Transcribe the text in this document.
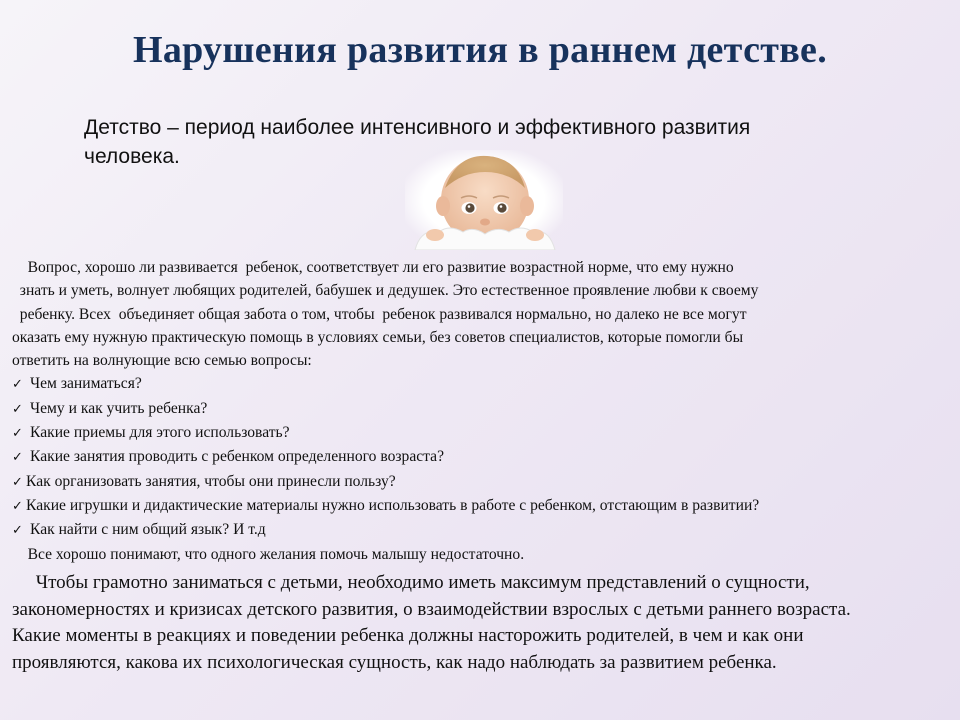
Нарушения развития в раннем детстве.
Детство – период наиболее интенсивного и эффективного развития
человека.

Вопрос, хорошо ли развивается  ребенок, соответствует ли его развитие возрастной норме, что ему нужно

знать и уметь, волнует любящих родителей, бабушек и дедушек. Это естественное проявление любви к своему

ребенку. Всех  объединяет общая забота о том, чтобы  ребенок развивался нормально, но далеко не все могут

оказать ему нужную практическую помощь в условиях семьи, без советов специалистов, которые помогли бы

ответить на волнующие всю семью вопросы:

✓ Чем заниматься?
✓ Чему и как учить ребенка?
✓ Какие приемы для этого использовать?
✓ Какие занятия проводить с ребенком определенного возраста?
✓ Как организовать занятия, чтобы они принесли пользу?
✓ Какие игрушки и дидактические материалы нужно использовать в работе с ребенком, отстающим в развитии?
✓ Как найти с ним общий язык? И т.д

Все хорошо понимают, что одного желания помочь малышу недостаточно.

Чтобы грамотно заниматься с детьми, необходимо иметь максимум представлений о сущности,

закономерностях и кризисах детского развития, о взаимодействии взрослых с детьми раннего возраста.

Какие моменты в реакциях и поведении ребенка должны насторожить родителей, в чем и как они

проявляются, какова их психологическая сущность, как надо наблюдать за развитием ребенка.
